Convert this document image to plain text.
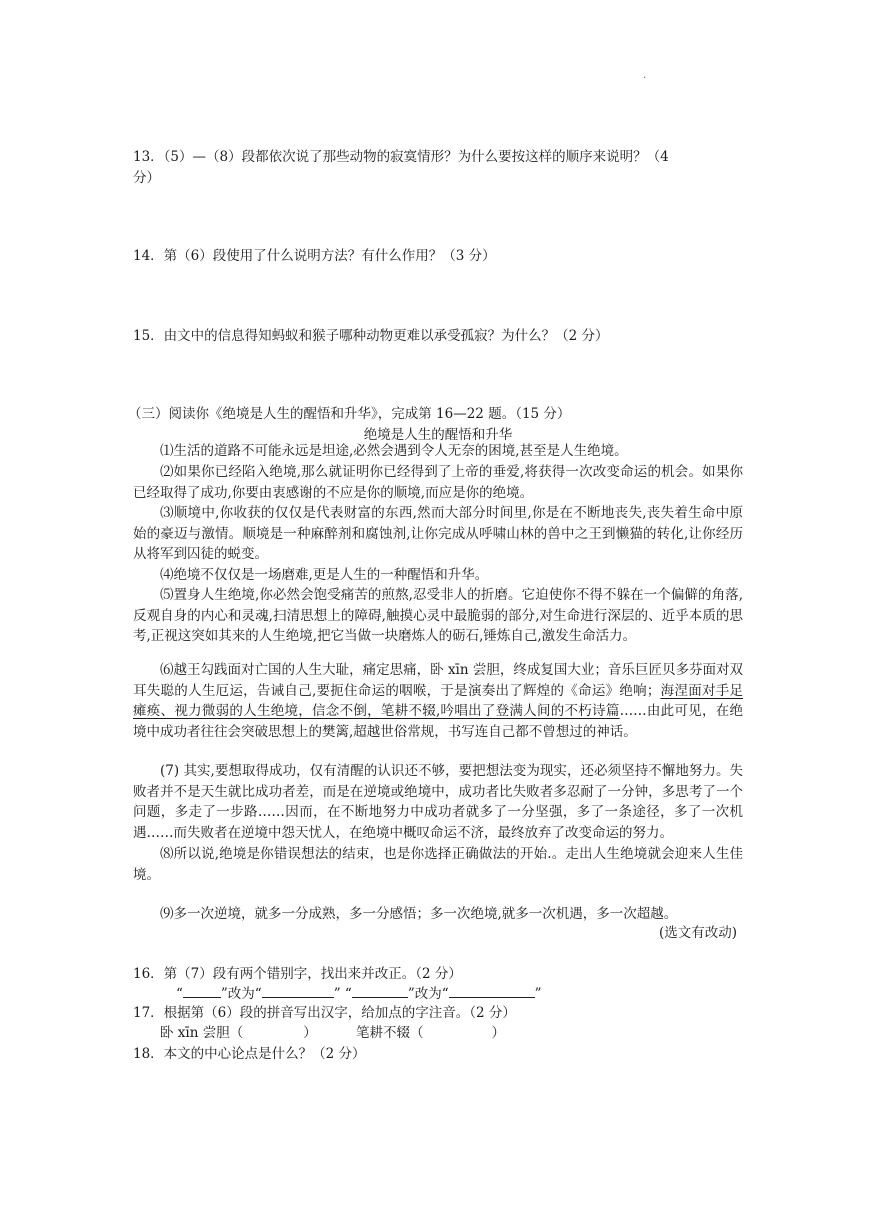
.
13．（5）—（8）段都依次说了那些动物的寂寞情形？为什么要按这样的顺序来说明？（4
分）
14．第（6）段使用了什么说明方法？有什么作用？（3 分）
15．由文中的信息得知蚂蚁和猴子哪种动物更难以承受孤寂？为什么？（2 分）
（三）阅读你《绝境是人生的醒悟和升华》，完成第 16—22 题。（15 分）
绝境是人生的醒悟和升华
⑴生活的道路不可能永远是坦途,必然会遇到令人无奈的困境,甚至是人生绝境。
⑵如果你已经陷入绝境,那么就证明你已经得到了上帝的垂爱,将获得一次改变命运的机会。如果你已经取得了成功,你要由衷感谢的不应是你的顺境,而应是你的绝境。
⑶顺境中,你收获的仅仅是代表财富的东西,然而大部分时间里,你是在不断地丧失,丧失着生命中原始的豪迈与激情。顺境是一种麻醉剂和腐蚀剂,让你完成从呼啸山林的兽中之王到懒猫的转化,让你经历从将军到囚徒的蜕变。
⑷绝境不仅仅是一场磨难,更是人生的一种醒悟和升华。
⑸置身人生绝境,你必然会饱受痛苦的煎熬,忍受非人的折磨。它迫使你不得不躲在一个偏僻的角落,反观自身的内心和灵魂,扫清思想上的障碍,触摸心灵中最脆弱的部分,对生命进行深层的、近乎本质的思考,正视这突如其来的人生绝境,把它当做一块磨炼人的砺石,锤炼自己,激发生命活力。
⑹越王勾践面对亡国的人生大耻，痛定思痛，卧 xīn 尝胆，终成复国大业；音乐巨匠贝多芬面对双耳失聪的人生厄运，告诫自己,要扼住命运的咽喉，于是演奏出了辉煌的《命运》绝响；海涅面对手足瘫痪、视力微弱的人生绝境，信念不倒，笔耕不辍,吟唱出了登满人间的不朽诗篇……由此可见，在绝境中成功者往往会突破思想上的樊篱,超越世俗常规，书写连自己都不曾想过的神话。
(7) 其实,要想取得成功，仅有清醒的认识还不够，要把想法变为现实，还必须坚持不懈地努力。失败者并不是天生就比成功者差，而是在逆境或绝境中，成功者比失败者多忍耐了一分钟，多思考了一个问题，多走了一步路……因而，在不断地努力中成功者就多了一分坚强，多了一条途径，多了一次机遇……而失败者在逆境中怨天忧人，在绝境中概叹命运不济，最终放弃了改变命运的努力。
⑻所以说,绝境是你错误想法的结束，也是你选择正确做法的开始.。走出人生绝境就会迎来人生佳境。
⑼多一次逆境，就多一分成熟，多一分感悟；多一次绝境,就多一次机遇，多一次超越。
(选文有改动)
16．第（7）段有两个错别字，找出来并改正。（2 分）
“	”改为“	” “	”改为“	”
17．根据第（6）段的拼音写出汉字，给加点的字注音。（2 分）
卧 xīn 尝胆（	）	笔耕不辍（	）
18．本文的中心论点是什么？（2 分）
